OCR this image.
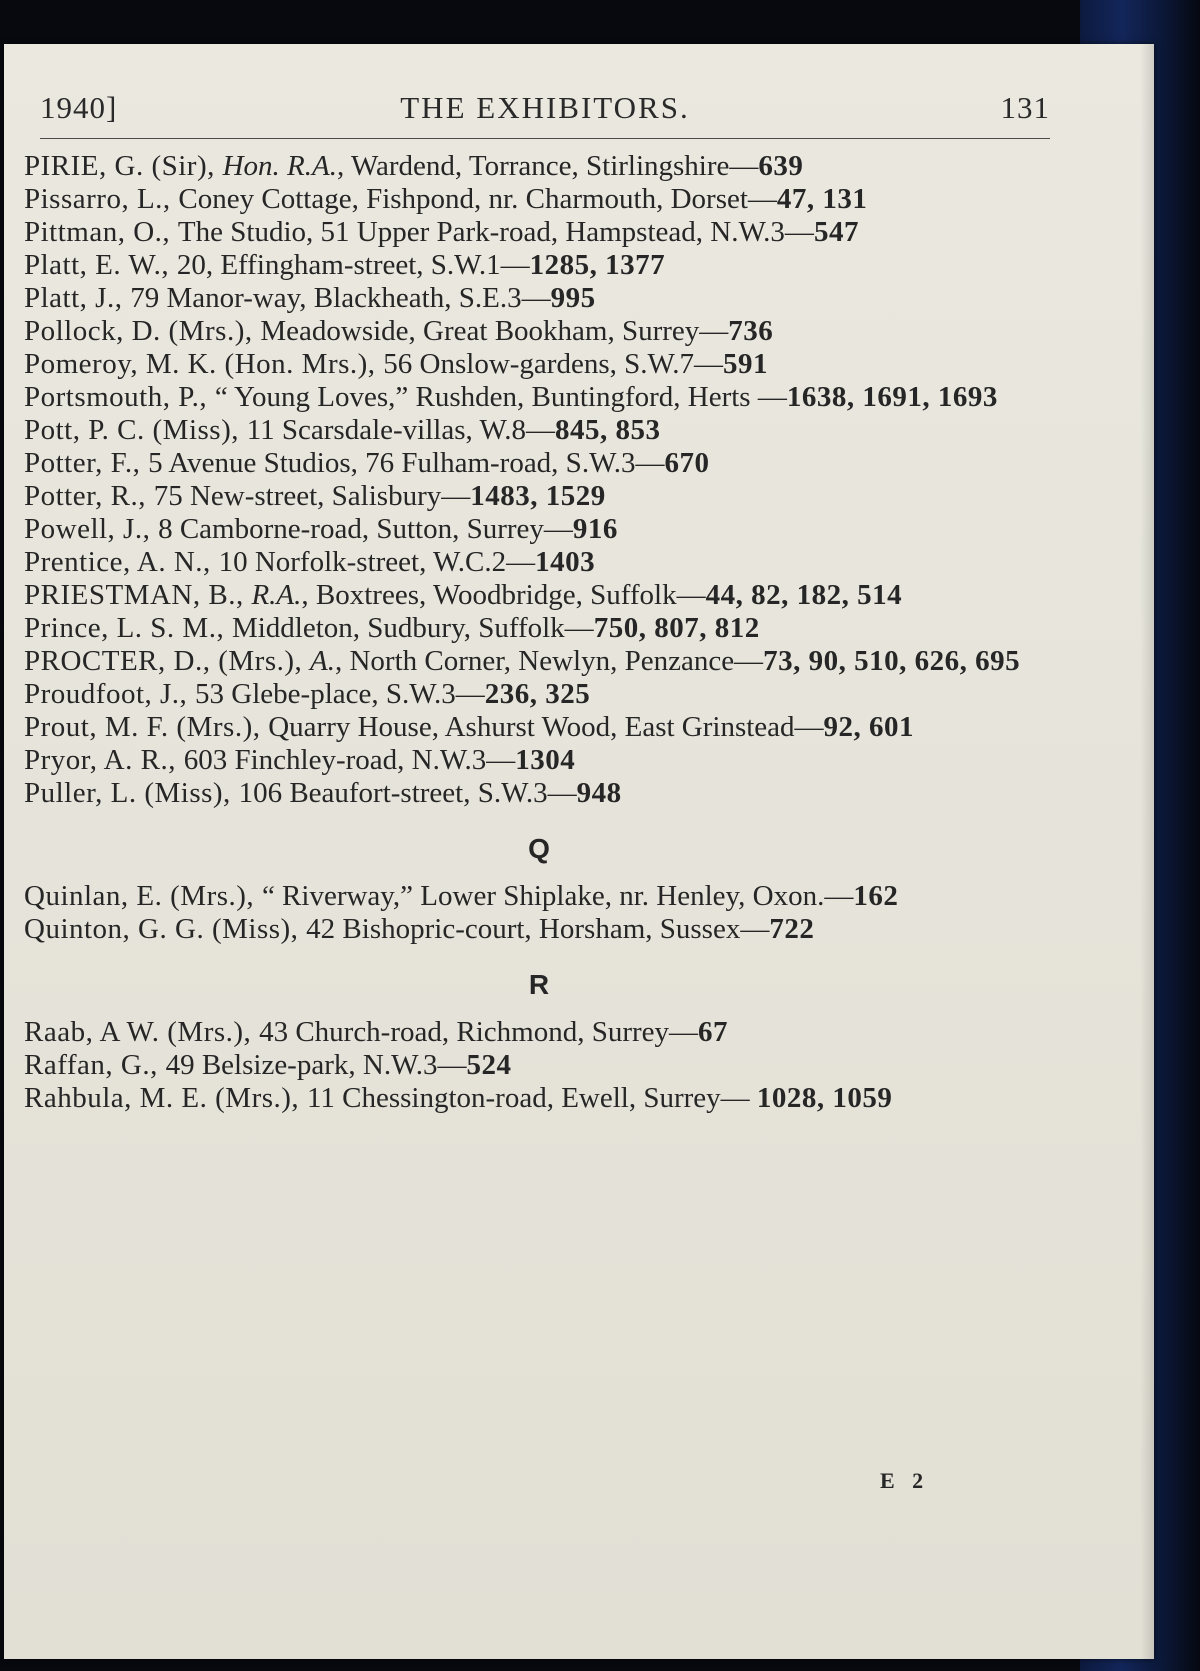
1940]	THE EXHIBITORS.	131
PIRIE, G. (Sir), Hon. R.A., Wardend, Torrance, Stirlingshire—639
Pissarro, L., Coney Cottage, Fishpond, nr. Charmouth, Dorset—47, 131
Pittman, O., The Studio, 51 Upper Park-road, Hampstead, N.W.3—547
Platt, E. W., 20, Effingham-street, S.W.1—1285, 1377
Platt, J., 79 Manor-way, Blackheath, S.E.3—995
Pollock, D. (Mrs.), Meadowside, Great Bookham, Surrey—736
Pomeroy, M. K. (Hon. Mrs.), 56 Onslow-gardens, S.W.7—591
Portsmouth, P., “ Young Loves,” Rushden, Buntingford, Herts —1638, 1691, 1693
Pott, P. C. (Miss), 11 Scarsdale-villas, W.8—845, 853
Potter, F., 5 Avenue Studios, 76 Fulham-road, S.W.3—670
Potter, R., 75 New-street, Salisbury—1483, 1529
Powell, J., 8 Camborne-road, Sutton, Surrey—916
Prentice, A. N., 10 Norfolk-street, W.C.2—1403
PRIESTMAN, B., R.A., Boxtrees, Woodbridge, Suffolk—44, 82, 182, 514
Prince, L. S. M., Middleton, Sudbury, Suffolk—750, 807, 812
PROCTER, D., (Mrs.), A., North Corner, Newlyn, Penzance—73, 90, 510, 626, 695
Proudfoot, J., 53 Glebe-place, S.W.3—236, 325
Prout, M. F. (Mrs.), Quarry House, Ashurst Wood, East Grinstead—92, 601
Pryor, A. R., 603 Finchley-road, N.W.3—1304
Puller, L. (Miss), 106 Beaufort-street, S.W.3—948
Q
Quinlan, E. (Mrs.), “ Riverway,” Lower Shiplake, nr. Henley, Oxon.—162
Quinton, G. G. (Miss), 42 Bishopric-court, Horsham, Sussex—722
R
Raab, A W. (Mrs.), 43 Church-road, Richmond, Surrey—67
Raffan, G., 49 Belsize-park, N.W.3—524
Rahbula, M. E. (Mrs.), 11 Chessington-road, Ewell, Surrey— 1028, 1059
E 2
